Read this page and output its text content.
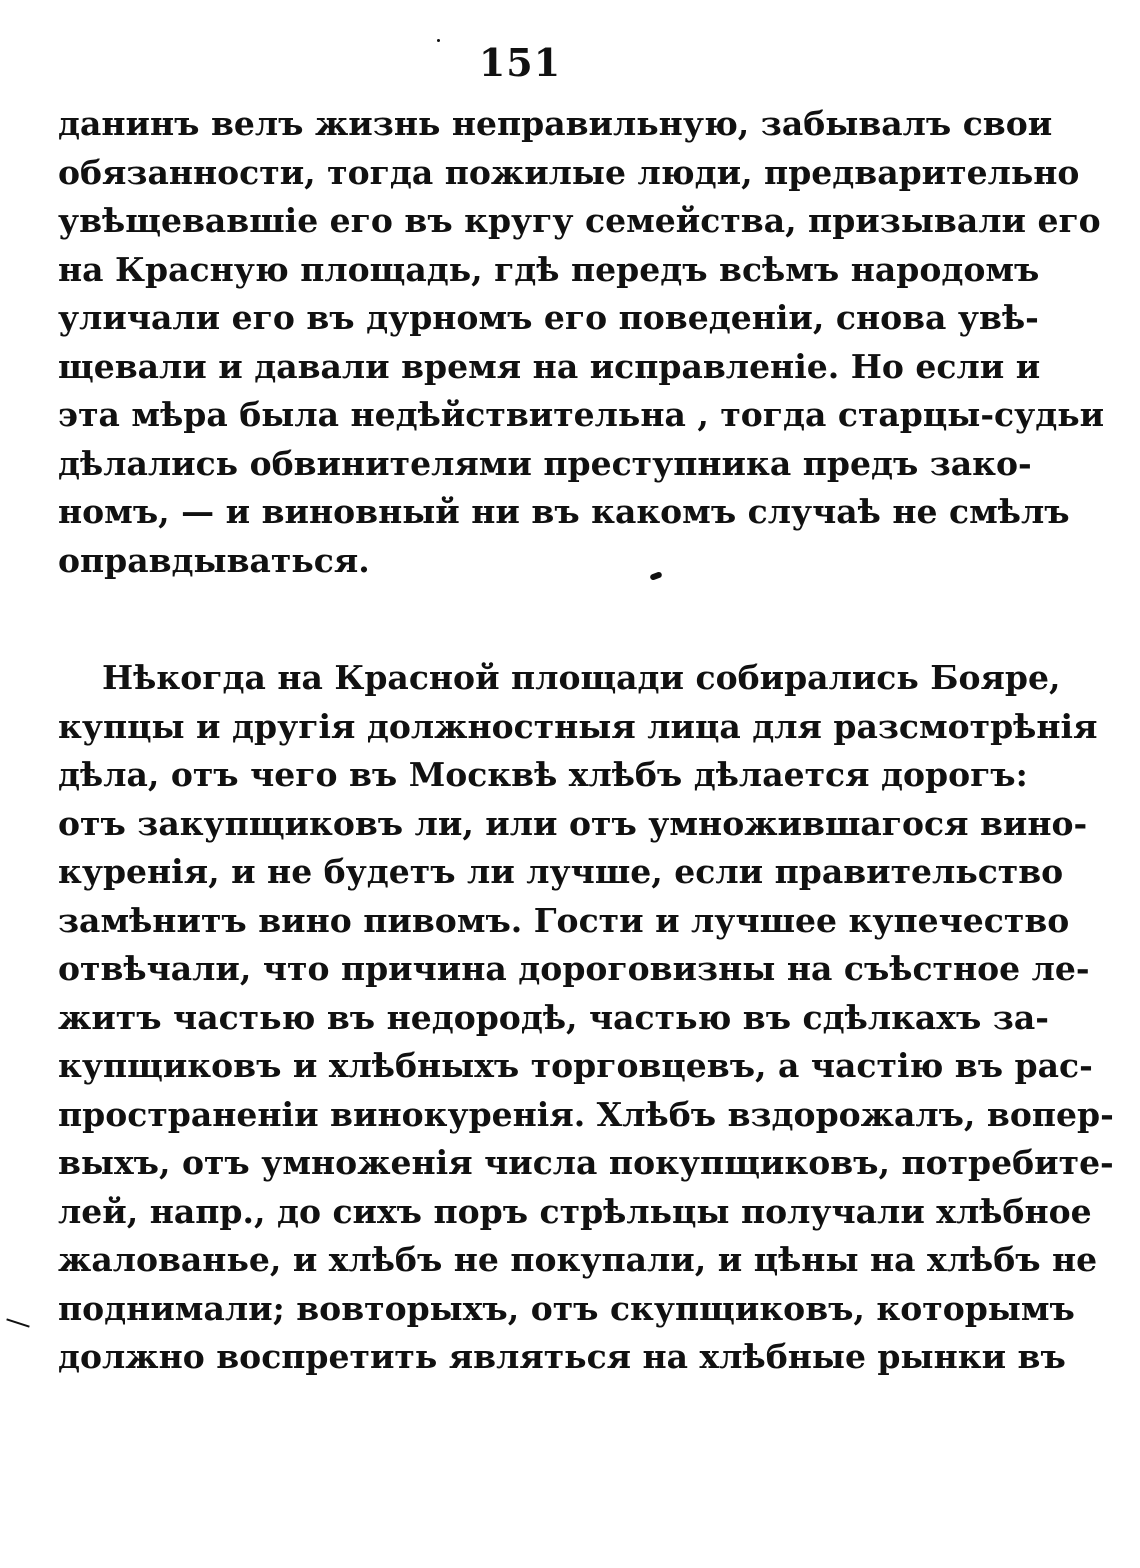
151
данинъ велъ жизнь неправильную, забывалъ свои
обязанности, тогда пожилые люди, предварительно
увѣщевавшіе его въ кругу семейства, призывали его
на Красную площадь, гдѣ передъ всѣмъ народомъ
уличали его въ дурномъ его поведеніи, снова увѣ-
щевали и давали время на исправленіе. Но если и
эта мѣра была недѣйствительна , тогда старцы-судьи
дѣлались обвинителями преступника предъ зако-
номъ, — и виновный ни въ какомъ случаѣ не смѣлъ
оправдываться.
Нѣкогда на Красной площади собирались Бояре,
купцы и другія должностныя лица для разсмотрѣнія
дѣла, отъ чего въ Москвѣ хлѣбъ дѣлается дорогъ:
отъ закупщиковъ ли, или отъ умножившагося вино-
куренія, и не будетъ ли лучше, если правительство
замѣнитъ вино пивомъ. Гости и лучшее купечество
отвѣчали, что причина дороговизны на съѣстное ле-
житъ частью въ недородѣ, частью въ сдѣлкахъ за-
купщиковъ и хлѣбныхъ торговцевъ, а частію въ рас-
пространеніи винокуренія. Хлѣбъ вздорожалъ, вопер-
выхъ, отъ умноженія числа покупщиковъ, потребите-
лей, напр., до сихъ поръ стрѣльцы получали хлѣбное
жалованье, и хлѣбъ не покупали, и цѣны на хлѣбъ не
поднимали; вовторыхъ, отъ скупщиковъ, которымъ
должно воспретить являться на хлѣбные рынки въ
